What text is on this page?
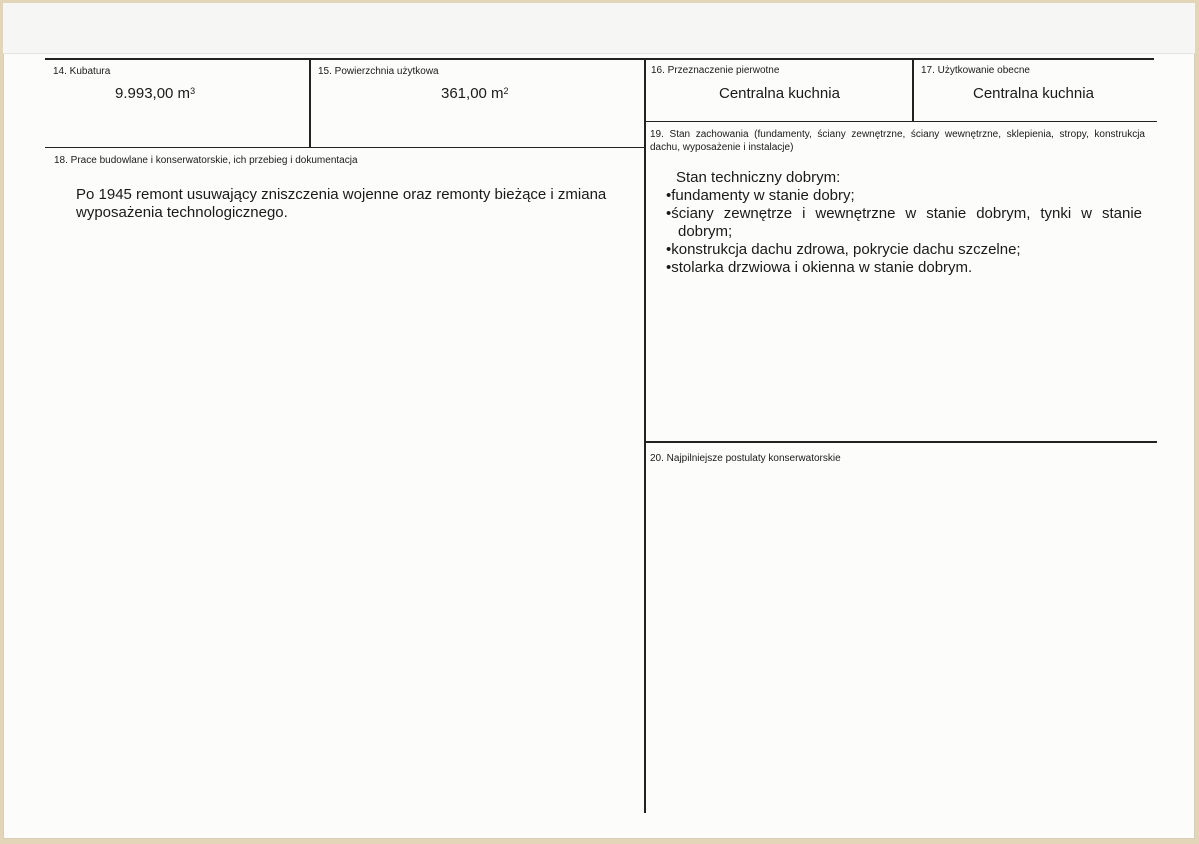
14. Kubatura
9.993,00 $m^3$
15. Powierzchnia użytkowa
361,00 $m^2$
16. Przeznaczenie pierwotne
Centralna kuchnia
17. Użytkowanie obecne
Centralna kuchnia
18. Prace budowlane i konserwatorskie, ich przebieg i dokumentacja
Po 1945 remont usuwający zniszczenia wojenne oraz remonty bieżące i zmiana wyposażenia technologicznego.
19. Stan zachowania (fundamenty, ściany zewnętrzne, ściany wewnętrzne, sklepienia, stropy, konstrukcja dachu, wyposażenie i instalacje)
Stan techniczny dobrym:
•fundamenty w stanie dobry;
•ściany zewnętrze i wewnętrzne w stanie dobrym, tynki w stanie dobrym;
•konstrukcja dachu zdrowa, pokrycie dachu szczelne;
•stolarka drzwiowa i okienna w stanie dobrym.
20. Najpilniejsze postulaty konserwatorskie
